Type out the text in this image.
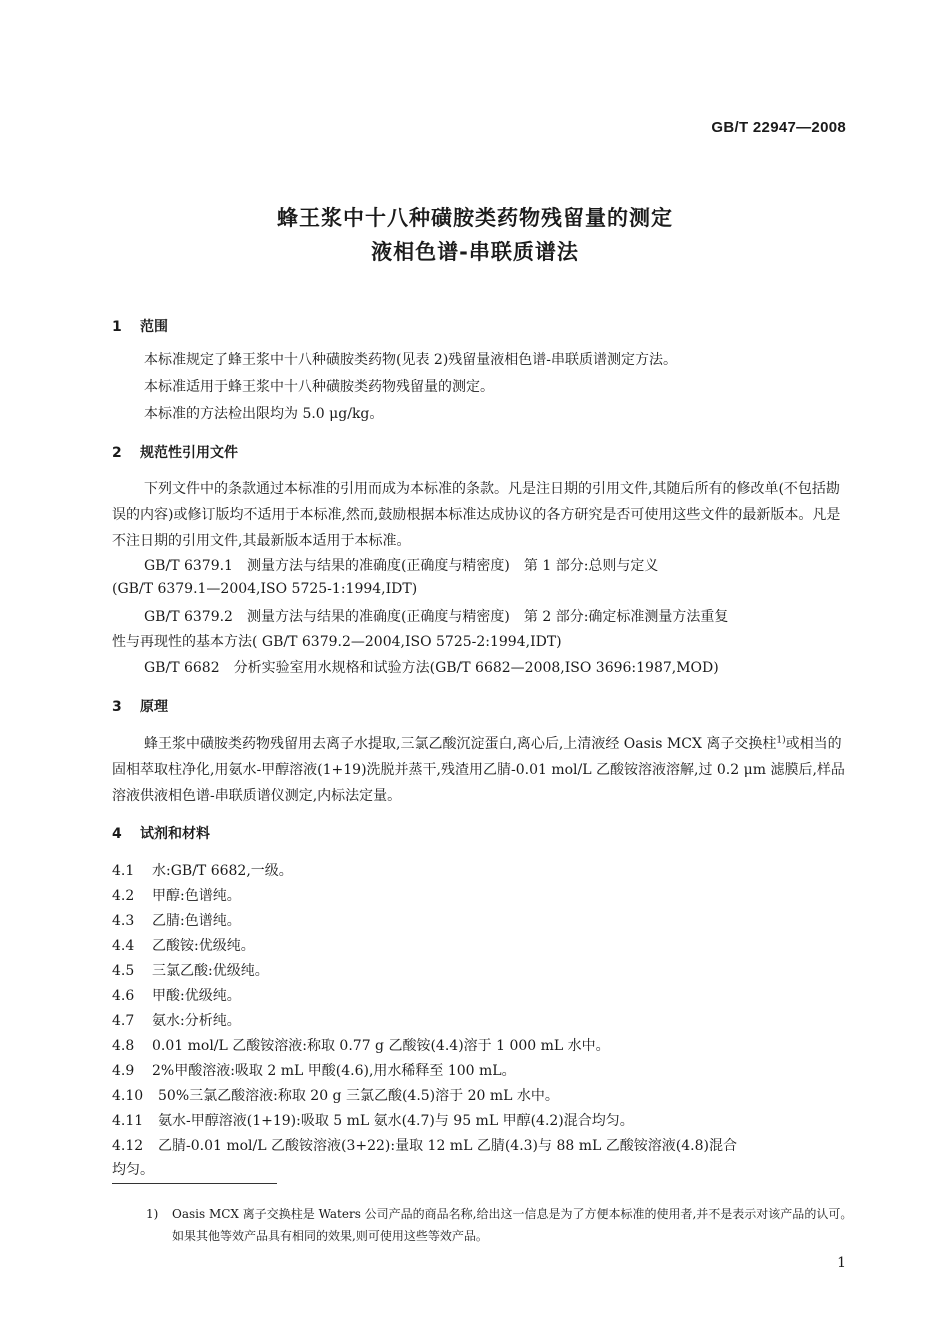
GB/T 22947—2008
蜂王浆中十八种磺胺类药物残留量的测定
液相色谱-串联质谱法
1 范围
本标准规定了蜂王浆中十八种磺胺类药物(见表 2)残留量液相色谱-串联质谱测定方法。
本标准适用于蜂王浆中十八种磺胺类药物残留量的测定。
本标准的方法检出限均为 5.0 μg/kg。
2 规范性引用文件
下列文件中的条款通过本标准的引用而成为本标准的条款。凡是注日期的引用文件,其随后所有的修改单(不包括勘误的内容)或修订版均不适用于本标准,然而,鼓励根据本标准达成协议的各方研究是否可使用这些文件的最新版本。凡是不注日期的引用文件,其最新版本适用于本标准。
GB/T 6379.1　测量方法与结果的准确度(正确度与精密度)　第 1 部分:总则与定义
(GB/T 6379.1—2004,ISO 5725-1:1994,IDT)
GB/T 6379.2　测量方法与结果的准确度(正确度与精密度)　第 2 部分:确定标准测量方法重复
性与再现性的基本方法( GB/T 6379.2—2004,ISO 5725-2:1994,IDT)
GB/T 6682　分析实验室用水规格和试验方法(GB/T 6682—2008,ISO 3696:1987,MOD)
3 原理
蜂王浆中磺胺类药物残留用去离子水提取,三氯乙酸沉淀蛋白,离心后,上清液经 Oasis MCX 离子交换柱$^{1)}$或相当的固相萃取柱净化,用氨水-甲醇溶液(1+19)洗脱并蒸干,残渣用乙腈-0.01 mol/L 乙酸铵溶液溶解,过 0.2 μm 滤膜后,样品溶液供液相色谱-串联质谱仪测定,内标法定量。
4 试剂和材料
4.1 水:GB/T 6682,一级。
4.2 甲醇:色谱纯。
4.3 乙腈:色谱纯。
4.4 乙酸铵:优级纯。
4.5 三氯乙酸:优级纯。
4.6 甲酸:优级纯。
4.7 氨水:分析纯。
4.8 0.01 mol/L 乙酸铵溶液:称取 0.77 g 乙酸铵(4.4)溶于 1 000 mL 水中。
4.9 2%甲酸溶液:吸取 2 mL 甲酸(4.6),用水稀释至 100 mL。
4.10 50%三氯乙酸溶液:称取 20 g 三氯乙酸(4.5)溶于 20 mL 水中。
4.11 氨水-甲醇溶液(1+19):吸取 5 mL 氨水(4.7)与 95 mL 甲醇(4.2)混合均匀。
4.12 乙腈-0.01 mol/L 乙酸铵溶液(3+22):量取 12 mL 乙腈(4.3)与 88 mL 乙酸铵溶液(4.8)混合
均匀。
1) Oasis MCX 离子交换柱是 Waters 公司产品的商品名称,给出这一信息是为了方便本标准的使用者,并不是表示对该产品的认可。如果其他等效产品具有相同的效果,则可使用这些等效产品。
1
